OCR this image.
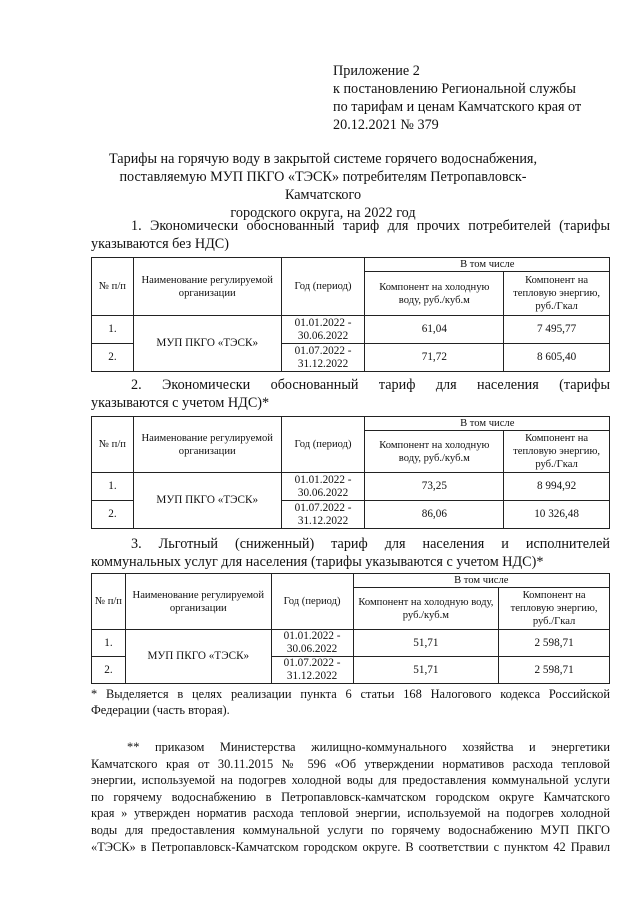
Приложение 2
к постановлению Региональной службы
по тарифам и ценам Камчатского края от
20.12.2021 № 379
Тарифы на горячую воду в закрытой системе горячего водоснабжения,
поставляемую МУП ПКГО «ТЭСК» потребителям Петропавловск-Камчатского
городского округа, на 2022 год
1. Экономически обоснованный тариф для прочих потребителей (тарифы
указываются без НДС)
№ п/п	Наименование регулируемой организации	Год (период)	В том числе	
			Компонент на холодную воду, руб./куб.м	Компонент на тепловую энергию, руб./Гкал
1.	МУП ПКГО «ТЭСК»	01.01.2022 - 30.06.2022	61,04	7 495,77
2.		01.07.2022 - 31.12.2022	71,72	8 605,40
2. Экономически обоснованный тариф для населения (тарифы
указываются с учетом НДС)*
№ п/п	Наименование регулируемой организации	Год (период)	В том числе	
			Компонент на холодную воду, руб./куб.м	Компонент на тепловую энергию, руб./Гкал
1.	МУП ПКГО «ТЭСК»	01.01.2022 - 30.06.2022	73,25	8 994,92
2.		01.07.2022 - 31.12.2022	86,06	10 326,48
3. Льготный (сниженный) тариф для населения и исполнителей
коммунальных услуг для населения (тарифы указываются с учетом НДС)*
№ п/п	Наименование регулируемой организации	Год (период)	В том числе	
			Компонент на холодную воду, руб./куб.м	Компонент на тепловую энергию, руб./Гкал
1.	МУП ПКГО «ТЭСК»	01.01.2022 - 30.06.2022	51,71	2 598,71
2.		01.07.2022 - 31.12.2022	51,71	2 598,71
* Выделяется в целях реализации пункта 6 статьи 168 Налогового кодекса Российской
Федерации (часть вторая).
** приказом Министерства жилищно-коммунального хозяйства и энергетики
Камчатского края от 30.11.2015 № 596 «Об утверждении нормативов расхода тепловой
энергии, используемой на подогрев холодной воды для предоставления коммунальной услуги
по горячему водоснабжению в Петропавловск-камчатском городском округе Камчатского
края » утвержден норматив расхода тепловой энергии, используемой на подогрев холодной
воды для предоставления коммунальной услуги по горячему водоснабжению МУП ПКГО
«ТЭСК» в Петропавловск-Камчатском городском округе. В соответствии с пунктом 42 Правил
